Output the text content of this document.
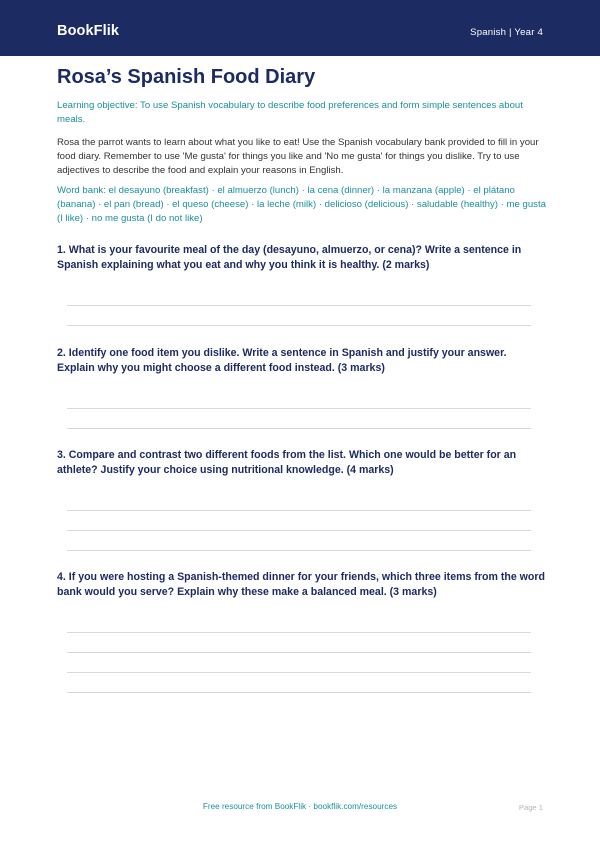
BookFlik	Spanish | Year 4
Rosa’s Spanish Food Diary

Learning objective: To use Spanish vocabulary to describe food preferences and form simple sentences about meals.

Rosa the parrot wants to learn about what you like to eat! Use the Spanish vocabulary bank provided to fill in your food diary. Remember to use 'Me gusta' for things you like and 'No me gusta' for things you dislike. Try to use adjectives to describe the food and explain your reasons in English.

Word bank: el desayuno (breakfast) · el almuerzo (lunch) · la cena (dinner) · la manzana (apple) · el plátano (banana) · el pan (bread) · el queso (cheese) · la leche (milk) · delicioso (delicious) · saludable (healthy) · me gusta (I like) · no me gusta (I do not like)

1. What is your favourite meal of the day (desayuno, almuerzo, or cena)? Write a sentence in Spanish explaining what you eat and why you think it is healthy. (2 marks)
2. Identify one food item you dislike. Write a sentence in Spanish and justify your answer. Explain why you might choose a different food instead. (3 marks)
3. Compare and contrast two different foods from the list. Which one would be better for an athlete? Justify your choice using nutritional knowledge. (4 marks)
4. If you were hosting a Spanish-themed dinner for your friends, which three items from the word bank would you serve? Explain why these make a balanced meal. (3 marks)
Free resource from BookFlik · bookflik.com/resources	Page 1
